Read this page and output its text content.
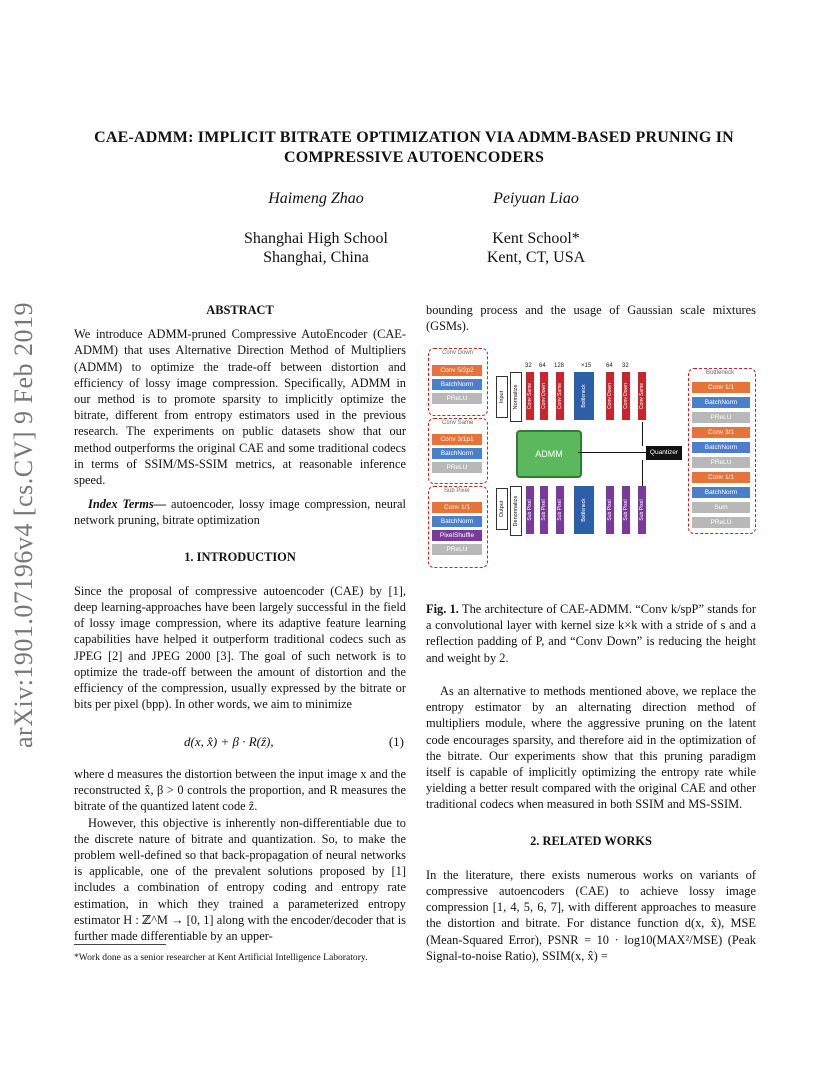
CAE-ADMM: IMPLICIT BITRATE OPTIMIZATION VIA ADMM-BASED PRUNING IN
COMPRESSIVE AUTOENCODERS
Haimeng Zhao	Peiyuan Liao
Shanghai High School
Shanghai, China
Kent School*
Kent, CT, USA
arXiv:1901.07196v4 [cs.CV] 9 Feb 2019	ABSTRACT

We introduce ADMM-pruned Compressive AutoEncoder (CAE-ADMM) that uses Alternative Direction Method of Multipliers (ADMM) to optimize the trade-off between distortion and efficiency of lossy image compression. Specifically, ADMM in our method is to promote sparsity to implicitly optimize the bitrate, different from entropy estimators used in the previous research. The experiments on public datasets show that our method outperforms the original CAE and some traditional codecs in terms of SSIM/MS-SSIM metrics, at reasonable inference speed.

Index Terms— autoencoder, lossy image compression, neural network pruning, bitrate optimization

1. INTRODUCTION

Since the proposal of compressive autoencoder (CAE) by [1], deep learning-approaches have been largely successful in the field of lossy image compression, where its adaptive feature learning capabilities have helped it outperform traditional codecs such as JPEG [2] and JPEG 2000 [3]. The goal of such network is to optimize the trade-off between the amount of distortion and the efficiency of the compression, usually expressed by the bitrate or bits per pixel (bpp). In other words, we aim to minimize

d(x, x̂) + β · R(ẑ),	(1)

where d measures the distortion between the input image x and the reconstructed x̂, β > 0 controls the proportion, and R measures the bitrate of the quantized latent code ẑ.

However, this objective is inherently non-differentiable due to the discrete nature of bitrate and quantization. So, to make the problem well-defined so that back-propagation of neural networks is applicable, one of the prevalent solutions proposed by [1] includes a combination of entropy coding and entropy rate estimation, in which they trained a parameterized entropy estimator H : ℤ^M → [0, 1] along with the encoder/decoder that is further made differentiable by an upper-

*Work done as a senior researcher at Kent Artificial Intelligence Laboratory.

bounding process and the usage of Gaussian scale mixtures (GSMs).

Conv Down
Conv 5/2p2
BatchNorm
PReLU
Conv Same
Conv 3/1p1
BatchNorm
PReLU
Sub Pixel
Conv 1/1
BatchNorm
PixelShuffle
PReLU
Bottleneck
Conv 1/1
BatchNorm
PReLU
Conv 3/1
BatchNorm
PReLU
Conv 1/1
BatchNorm
Sum
PReLU
32 64 128	×15 64 32
Input Normalize Conv Same Conv Down Conv Same	Bottleneck	Conv Down Conv Down Conv Same
ADMM	Quantizer
Output Denormalize Sub Pixel Sub Pixel Sub Pixel	Bottleneck	Sub Pixel Sub Pixel Sub Pixel
Fig. 1. The architecture of CAE-ADMM. “Conv k/spP” stands for a convolutional layer with kernel size k×k with a stride of s and a reflection padding of P, and “Conv Down” is reducing the height and weight by 2.

As an alternative to methods mentioned above, we replace the entropy estimator by an alternating direction method of multipliers module, where the aggressive pruning on the latent code encourages sparsity, and therefore aid in the optimization of the bitrate. Our experiments show that this pruning paradigm itself is capable of implicitly optimizing the entropy rate while yielding a better result compared with the original CAE and other traditional codecs when measured in both SSIM and MS-SSIM.

2. RELATED WORKS

In the literature, there exists numerous works on variants of compressive autoencoders (CAE) to achieve lossy image compression [1, 4, 5, 6, 7], with different approaches to measure the distortion and bitrate. For distance function d(x, x̂), MSE (Mean-Squared Error), PSNR = 10 · log10(MAX²/MSE) (Peak Signal-to-noise Ratio), SSIM(x, x̂) =
